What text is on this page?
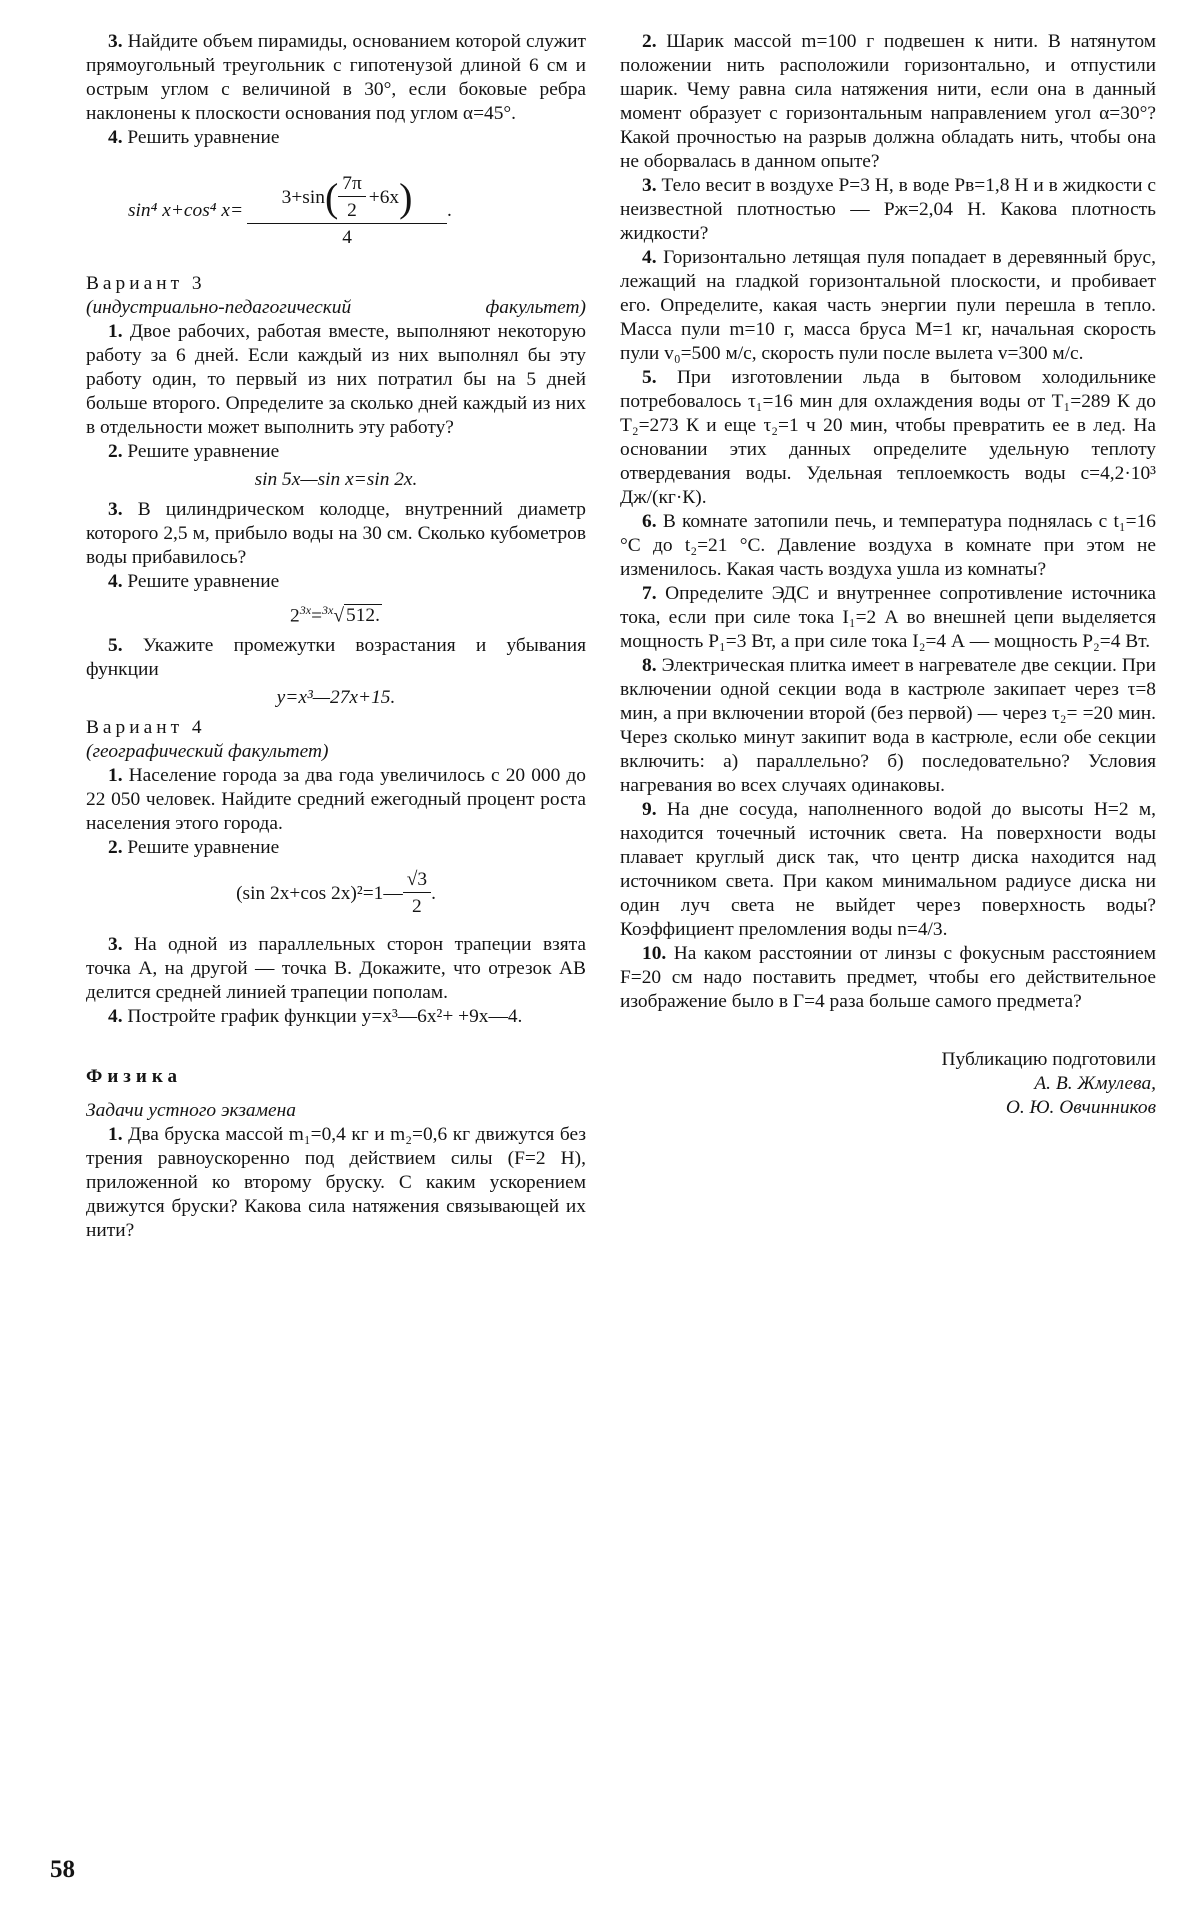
3. Найдите объем пирамиды, основанием которой служит прямоугольный треугольник с гипотенузой длиной 6 см и острым углом с величиной в 30°, если боковые ребра наклонены к плоскости основания под углом α=45°.

4. Решить уравнение

sin⁴ x+cos⁴ x=
3+sin ( $\frac{7\pi}{2} +6x$ )
4
.

Вариант 3

(индустриально-педагогический факультет)

1. Двое рабочих, работая вместе, выполняют некоторую работу за 6 дней. Если каждый из них выполнял бы эту работу один, то первый из них потратил бы на 5 дней больше второго. Определите за сколько дней каждый из них в отдельности может выполнить эту работу?

2. Решите уравнение

sin 5x—sin x=sin 2x.

3. В цилиндрическом колодце, внутренний диаметр которого 2,5 м, прибыло воды на 30 см. Сколько кубометров воды прибавилось?

4. Решите уравнение

$2^{3x}=^{3x}√$ 512.

5. Укажите промежутки возрастания и убывания функции

y=x³—27x+15.

Вариант 4

(географический факультет)

1. Население города за два года увеличилось с 20 000 до 22 050 человек. Найдите средний ежегодный процент роста населения этого города.

2. Решите уравнение

(sin 2x+cos 2x)²=1— $\frac{√3}{2}$ .

3. На одной из параллельных сторон трапеции взята точка A, на другой — точка B. Докажите, что отрезок AB делится средней линией трапеции пополам.

4. Постройте график функции y=x³—6x²+ +9x—4.

Физика

Задачи устного экзамена

1. Два бруска массой m₁=0,4 кг и m₂=0,6 кг движутся без трения равноускоренно под действием силы (F=2 Н), приложенной ко второму бруску. С каким ускорением движутся бруски? Какова сила натяжения связывающей их нити?

2. Шарик массой m=100 г подвешен к нити. В натянутом положении нить расположили горизонтально, и отпустили шарик. Чему равна сила натяжения нити, если она в данный момент образует с горизонтальным направлением угол α=30°? Какой прочностью на разрыв должна обладать нить, чтобы она не оборвалась в данном опыте?

3. Тело весит в воздухе P=3 Н, в воде Pв=1,8 Н и в жидкости с неизвестной плотностью — Pж=2,04 Н. Какова плотность жидкости?

4. Горизонтально летящая пуля попадает в деревянный брус, лежащий на гладкой горизонтальной плоскости, и пробивает его. Определите, какая часть энергии пули перешла в тепло. Масса пули m=10 г, масса бруса M=1 кг, начальная скорость пули v₀=500 м/с, скорость пули после вылета v=300 м/с.

5. При изготовлении льда в бытовом холодильнике потребовалось τ₁=16 мин для охлаждения воды от T₁=289 К до T₂=273 К и еще τ₂=1 ч 20 мин, чтобы превратить ее в лед. На основании этих данных определите удельную теплоту отвердевания воды. Удельная теплоемкость воды c=4,2·10³ Дж/(кг·К).

6. В комнате затопили печь, и температура поднялась с t₁=16 °C до t₂=21 °C. Давление воздуха в комнате при этом не изменилось. Какая часть воздуха ушла из комнаты?

7. Определите ЭДС и внутреннее сопротивление источника тока, если при силе тока I₁=2 А во внешней цепи выделяется мощность P₁=3 Вт, а при силе тока I₂=4 А — мощность P₂=4 Вт.

8. Электрическая плитка имеет в нагревателе две секции. При включении одной секции вода в кастрюле закипает через τ=8 мин, а при включении второй (без первой) — через τ₂= =20 мин. Через сколько минут закипит вода в кастрюле, если обе секции включить: а) параллельно? б) последовательно? Условия нагревания во всех случаях одинаковы.

9. На дне сосуда, наполненного водой до высоты H=2 м, находится точечный источник света. На поверхности воды плавает круглый диск так, что центр диска находится над источником света. При каком минимальном радиусе диска ни один луч света не выйдет через поверхность воды? Коэффициент преломления воды n=4/3.

10. На каком расстоянии от линзы с фокусным расстоянием F=20 см надо поставить предмет, чтобы его действительное изображение было в Γ=4 раза больше самого предмета?

Публикацию подготовили

А. В. Жмулева,

О. Ю. Овчинников

58
